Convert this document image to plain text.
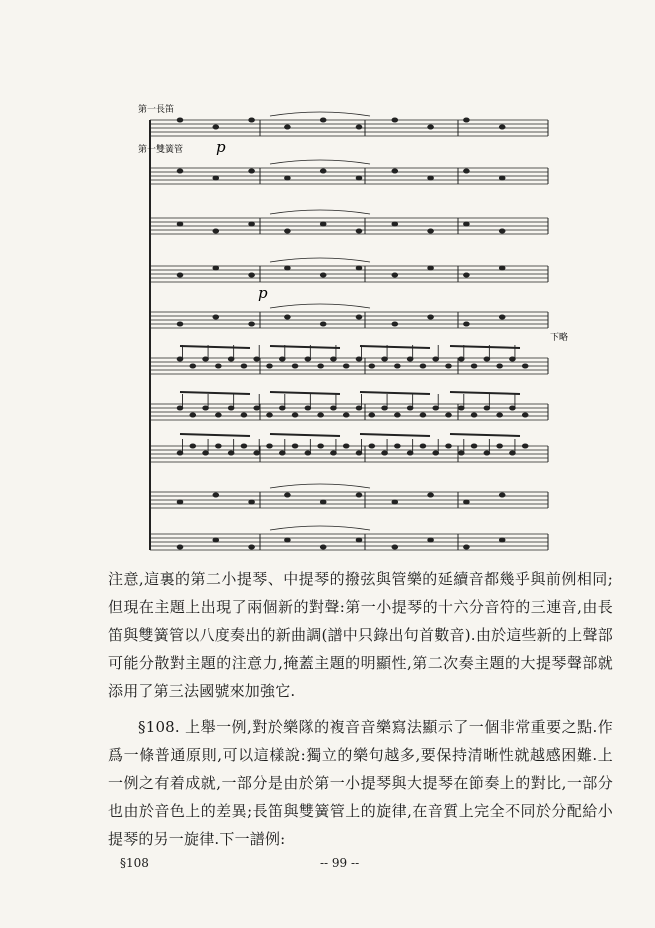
第一長笛
第一雙簧管 p
p
下略

注意,這裏的第二小提琴、中提琴的撥弦與管樂的延續音都幾乎與前例相同;但現在主題上出現了兩個新的對聲:第一小提琴的十六分音符的三連音,由長笛與雙簧管以八度奏出的新曲調(譜中只錄出句首數音).由於這些新的上聲部可能分散對主題的注意力,掩蓋主題的明顯性,第二次奏主題的大提琴聲部就添用了第三法國號來加強它.

§108. 上舉一例,對於樂隊的複音音樂寫法顯示了一個非常重要之點.作爲一條普通原則,可以這樣說:獨立的樂句越多,要保持清晰性就越感困難.上一例之有着成就,一部分是由於第一小提琴與大提琴在節奏上的對比,一部分也由於音色上的差異;長笛與雙簧管上的旋律,在音質上完全不同於分配給小提琴的另一旋律.下一譜例:

§108	-- 99 --
